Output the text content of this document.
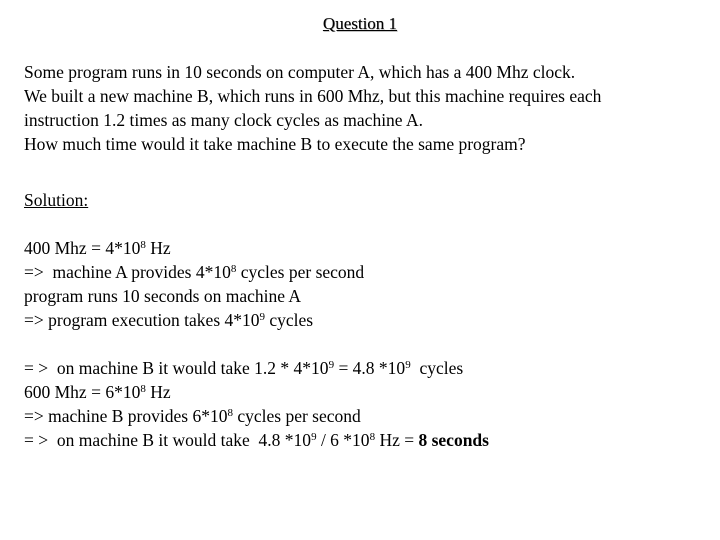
Question 1
Some program runs in 10 seconds on computer A, which has a 400 Mhz clock.
We built a new machine B, which runs in 600 Mhz, but this machine requires each
instruction 1.2 times as many clock cycles as machine A.
How much time would it take machine B to execute the same program?
Solution:
400 Mhz = $4*10^8$ Hz
=>  machine A provides $4*10^8$ cycles per second
program runs 10 seconds on machine A
=> program execution takes $4*10^9$ cycles
= >  on machine B it would take $1.2 * 4*10^9 = 4.8$ $*10^9$  cycles
600 Mhz = $6*10^8$ Hz
=> machine B provides $6*10^8$ cycles per second
= >  on machine B it would take  4.8 $*10^9 / 6$ $*10^8$ Hz = 8 seconds
